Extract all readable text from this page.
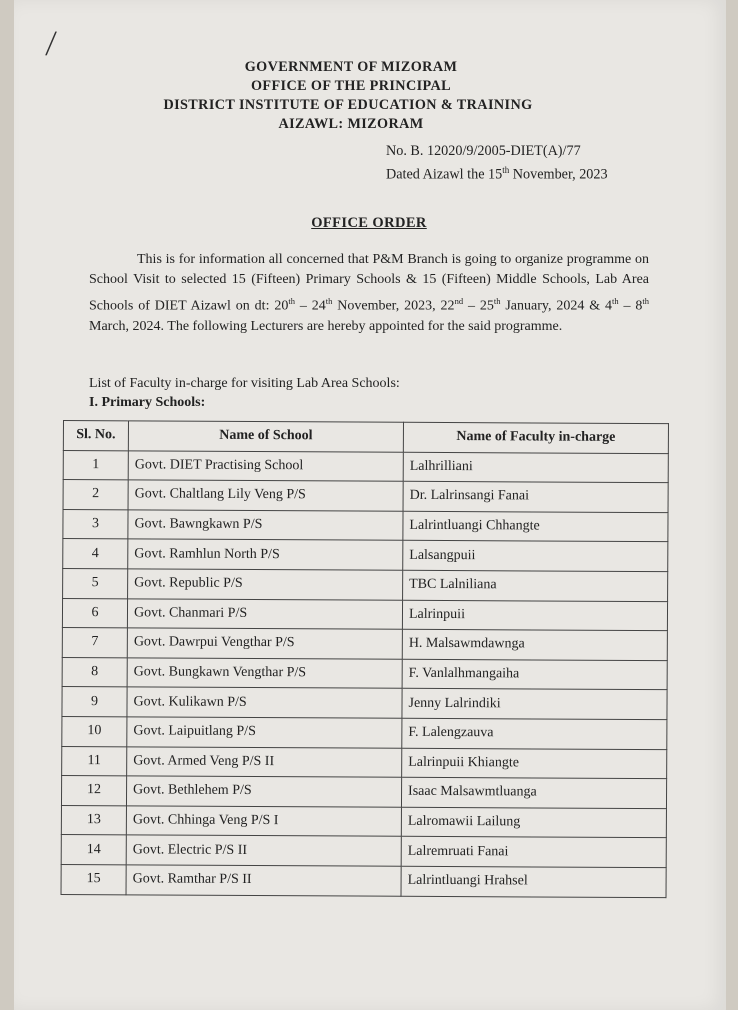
/
GOVERNMENT OF MIZORAM
OFFICE OF THE PRINCIPAL
DISTRICT INSTITUTE OF EDUCATION & TRAINING
AIZAWL: MIZORAM
No. B. 12020/9/2005-DIET(A)/77
Dated Aizawl the 15th November, 2023
OFFICE ORDER

This is for information all concerned that P&M Branch is going to organize programme on School Visit to selected 15 (Fifteen) Primary Schools & 15 (Fifteen) Middle Schools, Lab Area Schools of DIET Aizawl on dt: 20th – 24th November, 2023, 22nd – 25th January, 2024 & 4th – 8th March, 2024. The following Lecturers are hereby appointed for the said programme.

List of Faculty in-charge for visiting Lab Area Schools:
I. Primary Schools:
Sl. No.	Name of School	Name of Faculty in-charge
1	Govt. DIET Practising School	Lalhrilliani
2	Govt. Chaltlang Lily Veng P/S	Dr. Lalrinsangi Fanai
3	Govt. Bawngkawn P/S	Lalrintluangi Chhangte
4	Govt. Ramhlun North P/S	Lalsangpuii
5	Govt. Republic P/S	TBC Lalniliana
6	Govt. Chanmari P/S	Lalrinpuii
7	Govt. Dawrpui Vengthar P/S	H. Malsawmdawnga
8	Govt. Bungkawn Vengthar P/S	F. Vanlalhmangaiha
9	Govt. Kulikawn P/S	Jenny Lalrindiki
10	Govt. Laipuitlang P/S	F. Lalengzauva
11	Govt. Armed Veng P/S II	Lalrinpuii Khiangte
12	Govt. Bethlehem P/S	Isaac Malsawmtluanga
13	Govt. Chhinga Veng P/S I	Lalromawii Lailung
14	Govt. Electric P/S II	Lalremruati Fanai
15	Govt. Ramthar P/S II	Lalrintluangi Hrahsel
